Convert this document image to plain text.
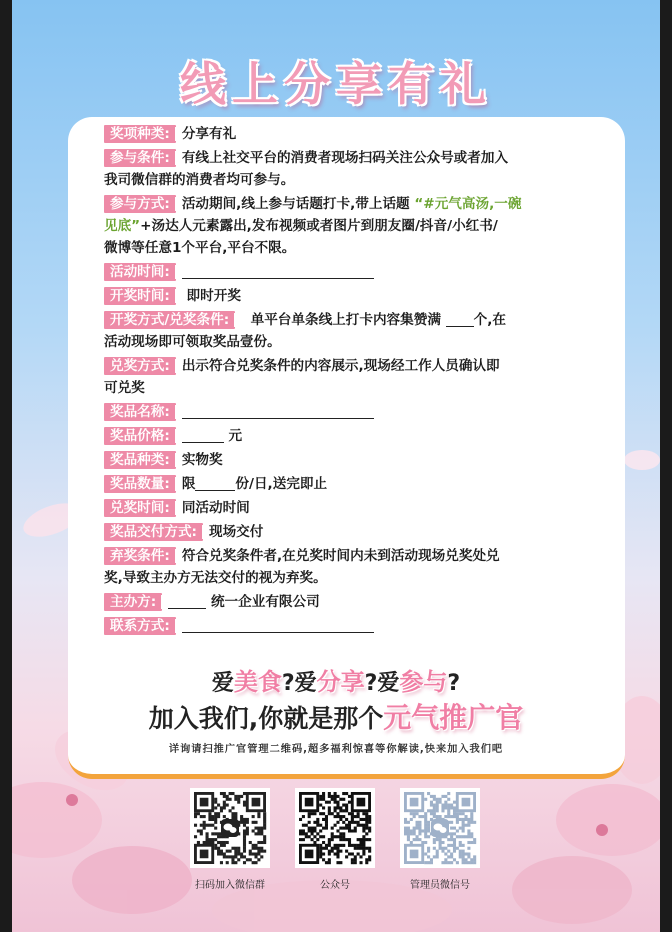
线上分享有礼
奖项种类: 分享有礼
参与条件: 有线上社交平台的消费者现场扫码关注公众号或者加入
我司微信群的消费者均可参与。
参与方式: 活动期间,线上参与话题打卡,带上话题 “#元气高汤,一碗
见底”+汤达人元素露出,发布视频或者图片到朋友圈/抖音/小红书/
微博等任意1个平台,平台不限。
活动时间:
开奖时间: 即时开奖
开奖方式/兑奖条件: 单平台单条线上打卡内容集赞满 个,在
活动现场即可领取奖品壹份。
兑奖方式: 出示符合兑奖条件的内容展示,现场经工作人员确认即
可兑奖
奖品名称:
奖品价格:	元
奖品种类: 实物奖
奖品数量: 限	份/日,送完即止
兑奖时间: 同活动时间
奖品交付方式: 现场交付
弃奖条件: 符合兑奖条件者,在兑奖时间内未到活动现场兑奖处兑
奖,导致主办方无法交付的视为弃奖。
主办方:	统一企业有限公司
联系方式:
爱美食?爱分享?爱参与?
加入我们,你就是那个元气推广官
详询请扫推广官管理二维码,超多福利惊喜等你解读,快来加入我们吧
扫码加入微信群	公众号	管理员微信号
